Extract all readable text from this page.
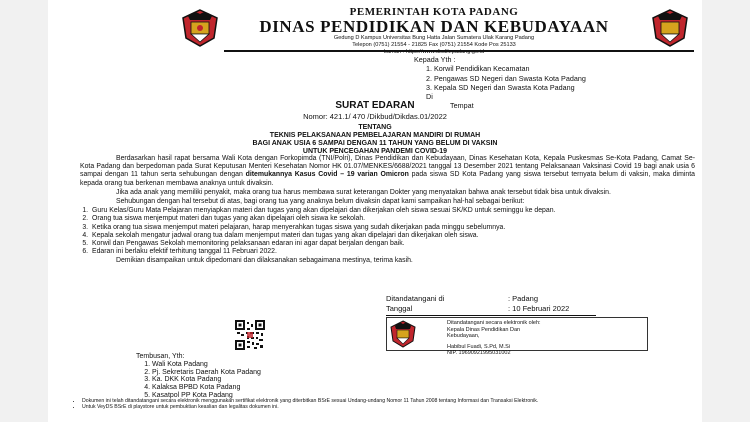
PEMERINTAH KOTA PADANG
DINAS PENDIDIKAN DAN KEBUDAYAAN
Gedung D Kampus Universitas Bung Hatta Jalan Sumatera Ulak Karang Padang
Telepon (0751) 21554 - 21825 Fax (0751) 21554 Kode Pos 25133
Laman : https://www.disdik.padang.go.id
Kepada Yth :
1. Korwil Pendidikan Kecamatan
2. Pengawas SD Negeri dan Swasta Kota Padang
3. Kepala SD Negeri dan Swasta Kota Padang
Di
Tempat
SURAT EDARAN
Nomor: 421.1/ 470 /Dikbud/Dikdas.01/2022
TENTANG
TEKNIS PELAKSANAAN PEMBELAJARAN MANDIRI DI RUMAH
BAGI ANAK USIA 6 SAMPAI DENGAN 11 TAHUN YANG BELUM DI VAKSIN
UNTUK PENCEGAHAN PANDEMI COVID-19

Berdasarkan hasil rapat bersama Wali Kota dengan Forkopimda (TNI/Polri), Dinas Pendidikan dan Kebudayaan, Dinas Kesehatan Kota, Kepala Puskesmas Se-Kota Padang, Camat Se-Kota Padang dan berpedoman pada Surat Keputusan Menteri Kesehatan Nomor HK 01.07/MENKES/6688/2021 tanggal 13 Desember 2021 tentang Pelaksanaan Vaksinasi Covid 19 bagi anak usia 6 sampai dengan 11 tahun serta sehubungan dengan ditemukannya Kasus Covid – 19 varian Omicron pada siswa SD Kota Padang yang siswa tersebut ternyata belum di vaksin, maka diminta kepada orang tua berkenan membawa anaknya untuk divaksin.

Jika ada anak yang memiliki penyakit, maka orang tua harus membawa surat keterangan Dokter yang menyatakan bahwa anak tersebut tidak bisa untuk divaksin.

Sehubungan dengan hal tersebut di atas, bagi orang tua yang anaknya belum divaksin dapat kami sampaikan hal-hal sebagai berikut:

1. Guru Kelas/Guru Mata Pelajaran menyiapkan materi dan tugas yang akan dipelajari dan dikerjakan oleh siswa sesuai SK/KD untuk seminggu ke depan.
2. Orang tua siswa menjemput materi dan tugas yang akan dipelajari oleh siswa ke sekolah.
3. Ketika orang tua siswa menjemput materi pelajaran, harap menyerahkan tugas siswa yang sudah dikerjakan pada minggu sebelumnya.
4. Kepala sekolah mengatur jadwal orang tua dalam menjemput materi dan tugas yang akan dipelajari dan dikerjakan oleh siswa.
5. Korwil dan Pengawas Sekolah memonitoring pelaksanaan edaran ini agar dapat berjalan dengan baik.
6. Edaran ini berlaku efektif terhitung tanggal 11 Februari 2022.
Demikian disampaikan untuk dipedomani dan dilaksanakan sebagaimana mestinya, terima kasih.
Ditandatangani di	: Padang
Tanggal	: 10 Februari 2022
Ditandatangani secara elektronik oleh:
Kepala Dinas Pendidikan Dan
Kebudayaan,
Habibul Fuadi, S.Pd, M.Si
NIP. 19690921995031002
Tembusan, Yth:
1. Wali Kota Padang
2. Pj. Sekretaris Daerah Kota Padang
3. Ka. DKK Kota Padang
4. Kalaksa BPBD Kota Padang
5. Kasatpol PP Kota Padang
• Dokumen ini telah ditandatangani secara elektronik menggunakan sertifikat elektronik yang diterbitkan BSrE sesuai Undang-undang Nomor 11 Tahun 2008 tentang Informasi dan Transaksi Elektronik.
• Untuk VeyDS BSrE di playstore untuk pembuktian keaslian dan legalitas dokumen ini.
